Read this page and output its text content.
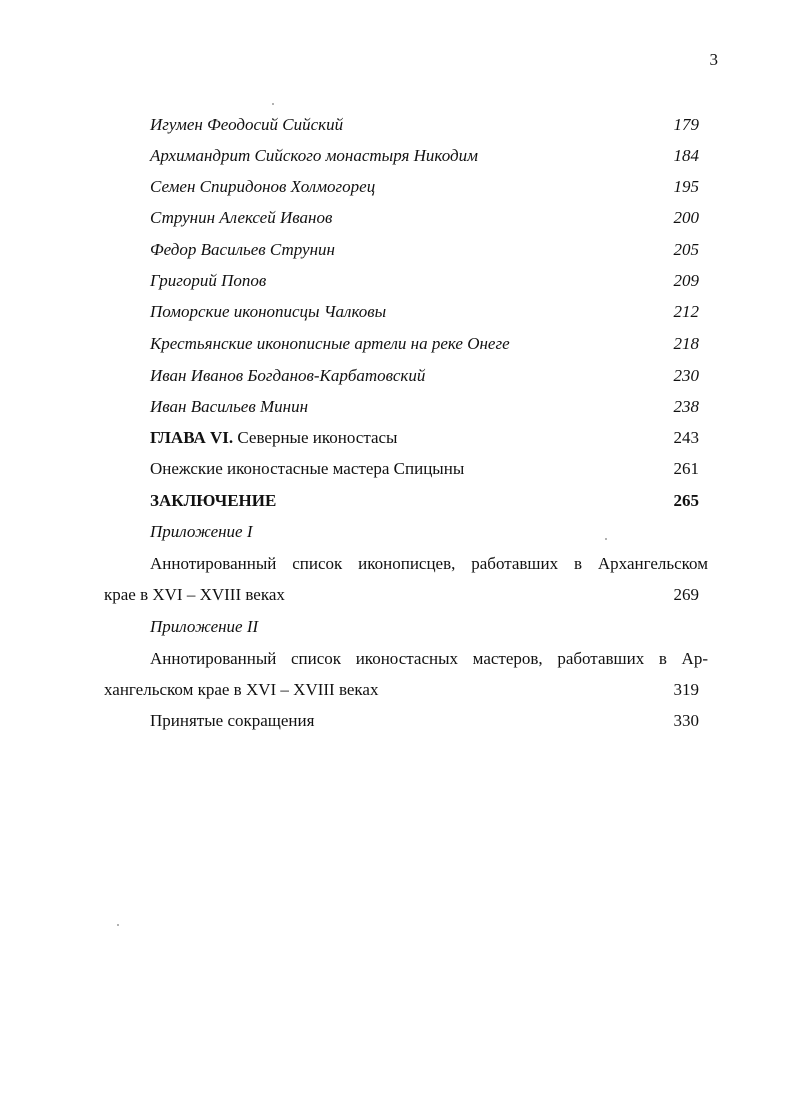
3
Игумен Феодосий Сийский	179
Архимандрит Сийского монастыря Никодим	184
Семен Спиридонов Холмогорец	195
Струнин Алексей Иванов	200
Федор Васильев Струнин	205
Григорий Попов	209
Поморские иконописцы Чалковы	212
Крестьянские иконописные артели на реке Онеге	218
Иван Иванов Богданов-Карбатовский	230
Иван Васильев Минин	238
ГЛАВА VI. Северные иконостасы	243
Онежские иконостасные мастера Спицыны	261
ЗАКЛЮЧЕНИЕ	265
Приложение I
Аннотированный список иконописцев, работавших в Архангельском
крае в XVI – XVIII веках	269
Приложение II
Аннотированный список иконостасных мастеров, работавших в Ар-
хангельском крае в XVI – XVIII веках	319
Принятые сокращения	330
